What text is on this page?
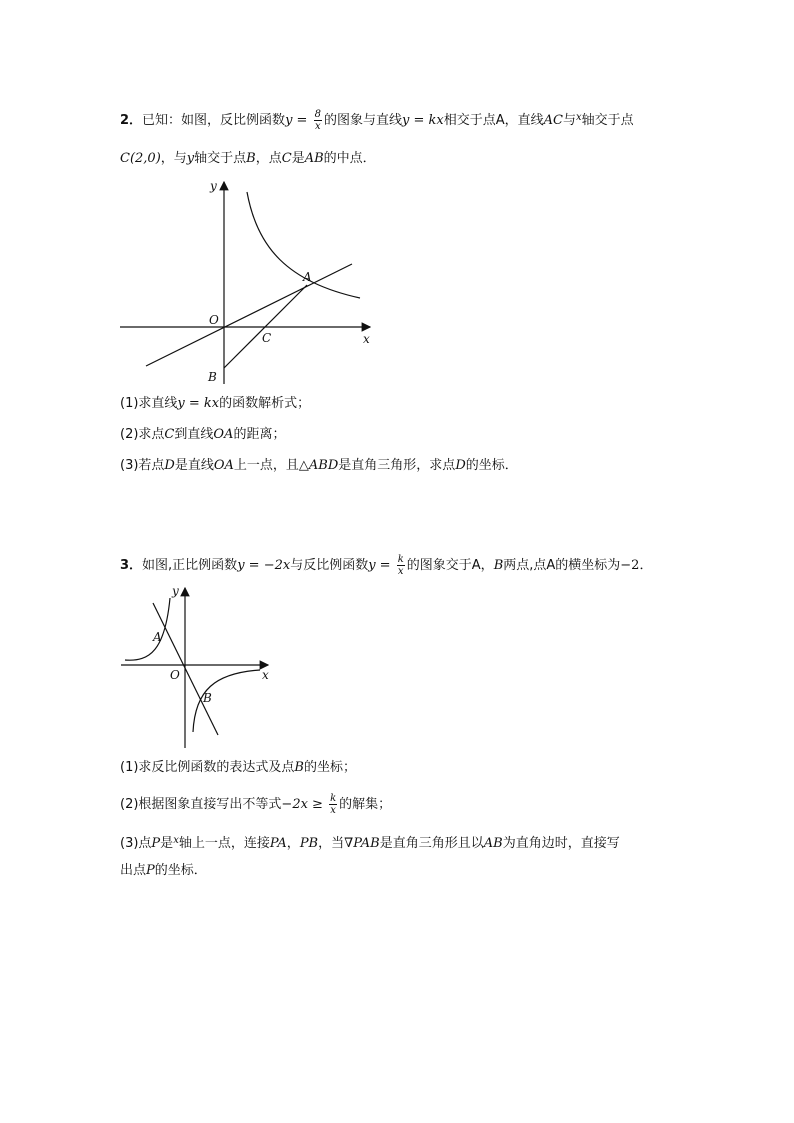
2．已知：如图，反比例函数$y = \frac{8}{x}$ 的图象与直线y = kx相交于点A，直线AC与$^x$轴交于点
C(2,0)，与y轴交于点B，点C是AB的中点．
y
x
O
A
C
B
(1)求直线y = kx的函数解析式；
(2)求点C到直线OA的距离；
(3)若点D是直线OA上一点，且△ABD是直角三角形，求点D的坐标．
3．如图,正比例函数y = −2x与反比例函数$y = \frac{k}{x}$ 的图象交于A，B两点,点A的横坐标为−2．
y
x
O
A
B
(1)求反比例函数的表达式及点B的坐标；
(2)根据图象直接写出不等式$-2x \ge \frac{k}{x}$ 的解集；
(3)点P是$^x$轴上一点，连接PA，PB，当∇PAB是直角三角形且以AB为直角边时，直接写
出点P的坐标．
